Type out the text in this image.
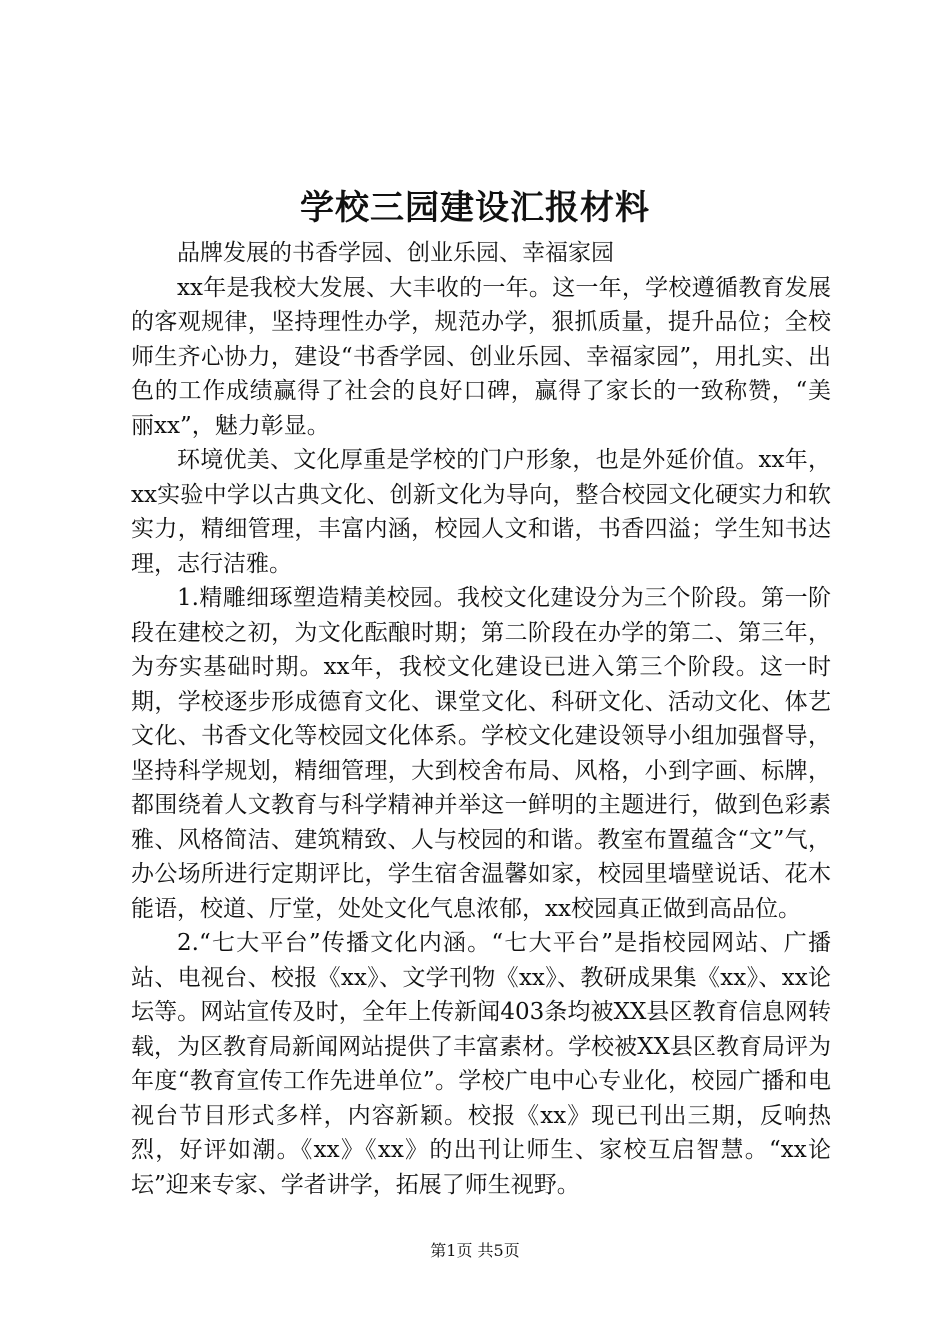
学校三园建设汇报材料

品牌发展的书香学园、创业乐园、幸福家园

xx年是我校大发展、大丰收的一年。这一年，学校遵循教育发展的客观规律，坚持理性办学，规范办学，狠抓质量，提升品位；全校师生齐心协力，建设“书香学园、创业乐园、幸福家园”，用扎实、出色的工作成绩赢得了社会的良好口碑，赢得了家长的一致称赞，“美丽xx”，魅力彰显。

环境优美、文化厚重是学校的门户形象，也是外延价值。xx年，xx实验中学以古典文化、创新文化为导向，整合校园文化硬实力和软实力，精细管理，丰富内涵，校园人文和谐，书香四溢；学生知书达理，志行洁雅。

1.精雕细琢塑造精美校园。我校文化建设分为三个阶段。第一阶段在建校之初，为文化酝酿时期；第二阶段在办学的第二、第三年，为夯实基础时期。xx年，我校文化建设已进入第三个阶段。这一时期，学校逐步形成德育文化、课堂文化、科研文化、活动文化、体艺文化、书香文化等校园文化体系。学校文化建设领导小组加强督导，坚持科学规划，精细管理，大到校舍布局、风格，小到字画、标牌，都围绕着人文教育与科学精神并举这一鲜明的主题进行，做到色彩素雅、风格简洁、建筑精致、人与校园的和谐。教室布置蕴含“文”气，办公场所进行定期评比，学生宿舍温馨如家，校园里墙壁说话、花木能语，校道、厅堂，处处文化气息浓郁，xx校园真正做到高品位。

2.“七大平台”传播文化内涵。“七大平台”是指校园网站、广播站、电视台、校报《xx》、文学刊物《xx》、教研成果集《xx》、xx论坛等。网站宣传及时，全年上传新闻403条均被XX县区教育信息网转载，为区教育局新闻网站提供了丰富素材。学校被XX县区教育局评为年度“教育宣传工作先进单位”。学校广电中心专业化，校园广播和电视台节目形式多样，内容新颖。校报《xx》现已刊出三期，反响热烈，好评如潮。《xx》《xx》的出刊让师生、家校互启智慧。“xx论坛”迎来专家、学者讲学，拓展了师生视野。

第1页 共5页
